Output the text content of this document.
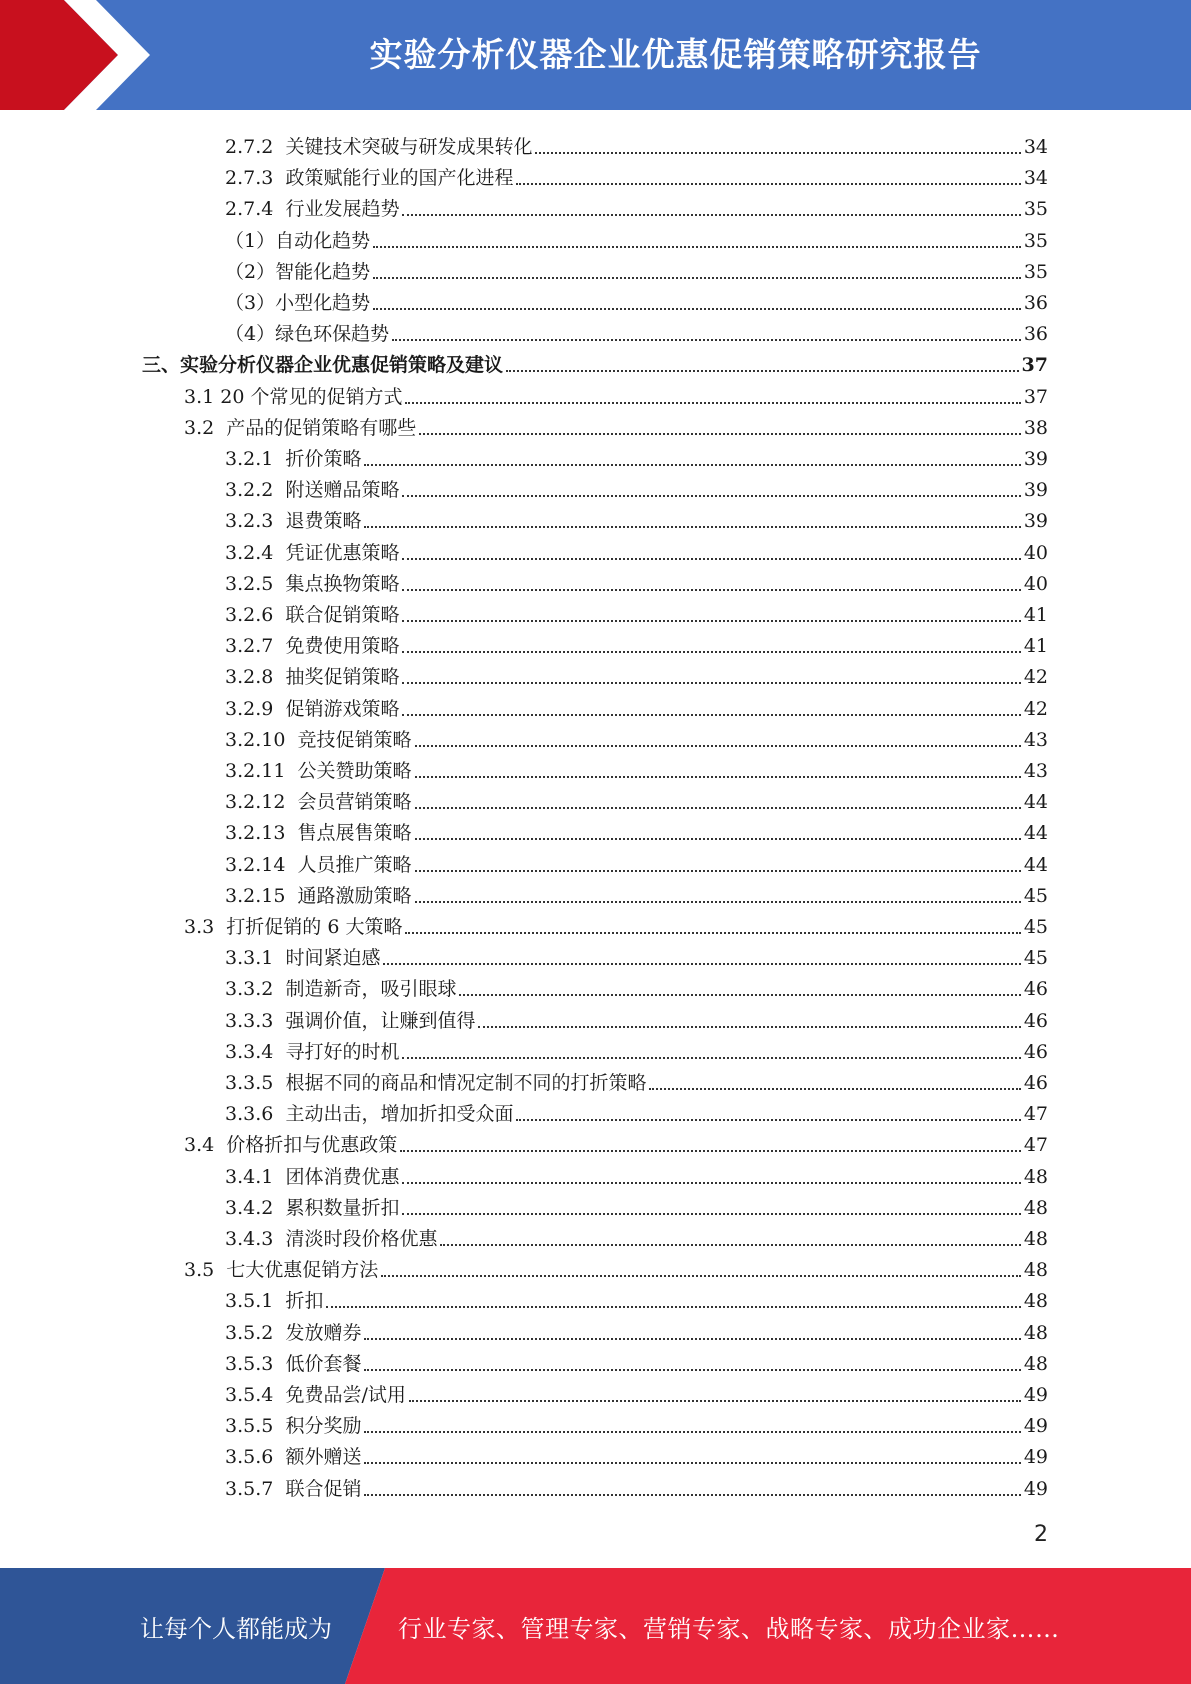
实验分析仪器企业优惠促销策略研究报告
2.7.2 关键技术突破与研发成果转化	34
2.7.3 政策赋能行业的国产化进程	34
2.7.4 行业发展趋势	35
（1） 自动化趋势	35
（2） 智能化趋势	35
（3） 小型化趋势	36
（4） 绿色环保趋势	36
三、 实验分析仪器企业优惠促销策略及建议	37
3.1 20 个常见的促销方式	37
3.2 产品的促销策略有哪些	38
3.2.1 折价策略	39
3.2.2 附送赠品策略	39
3.2.3 退费策略	39
3.2.4 凭证优惠策略	40
3.2.5 集点换物策略	40
3.2.6 联合促销策略	41
3.2.7 免费使用策略	41
3.2.8 抽奖促销策略	42
3.2.9 促销游戏策略	42
3.2.10 竞技促销策略	43
3.2.11 公关赞助策略	43
3.2.12 会员营销策略	44
3.2.13 售点展售策略	44
3.2.14 人员推广策略	44
3.2.15 通路激励策略	45
3.3 打折促销的 6 大策略	45
3.3.1 时间紧迫感	45
3.3.2 制造新奇，吸引眼球	46
3.3.3 强调价值，让赚到值得	46
3.3.4 寻打好的时机	46
3.3.5 根据不同的商品和情况定制不同的打折策略	46
3.3.6 主动出击，增加折扣受众面	47
3.4 价格折扣与优惠政策	47
3.4.1 团体消费优惠	48
3.4.2 累积数量折扣	48
3.4.3 清淡时段价格优惠	48
3.5 七大优惠促销方法	48
3.5.1 折扣	48
3.5.2 发放赠券	48
3.5.3 低价套餐	48
3.5.4 免费品尝/试用	49
3.5.5 积分奖励	49
3.5.6 额外赠送	49
3.5.7 联合促销	49
2
让每个人都能成为	行业专家、管理专家、营销专家、战略专家、成功企业家……
